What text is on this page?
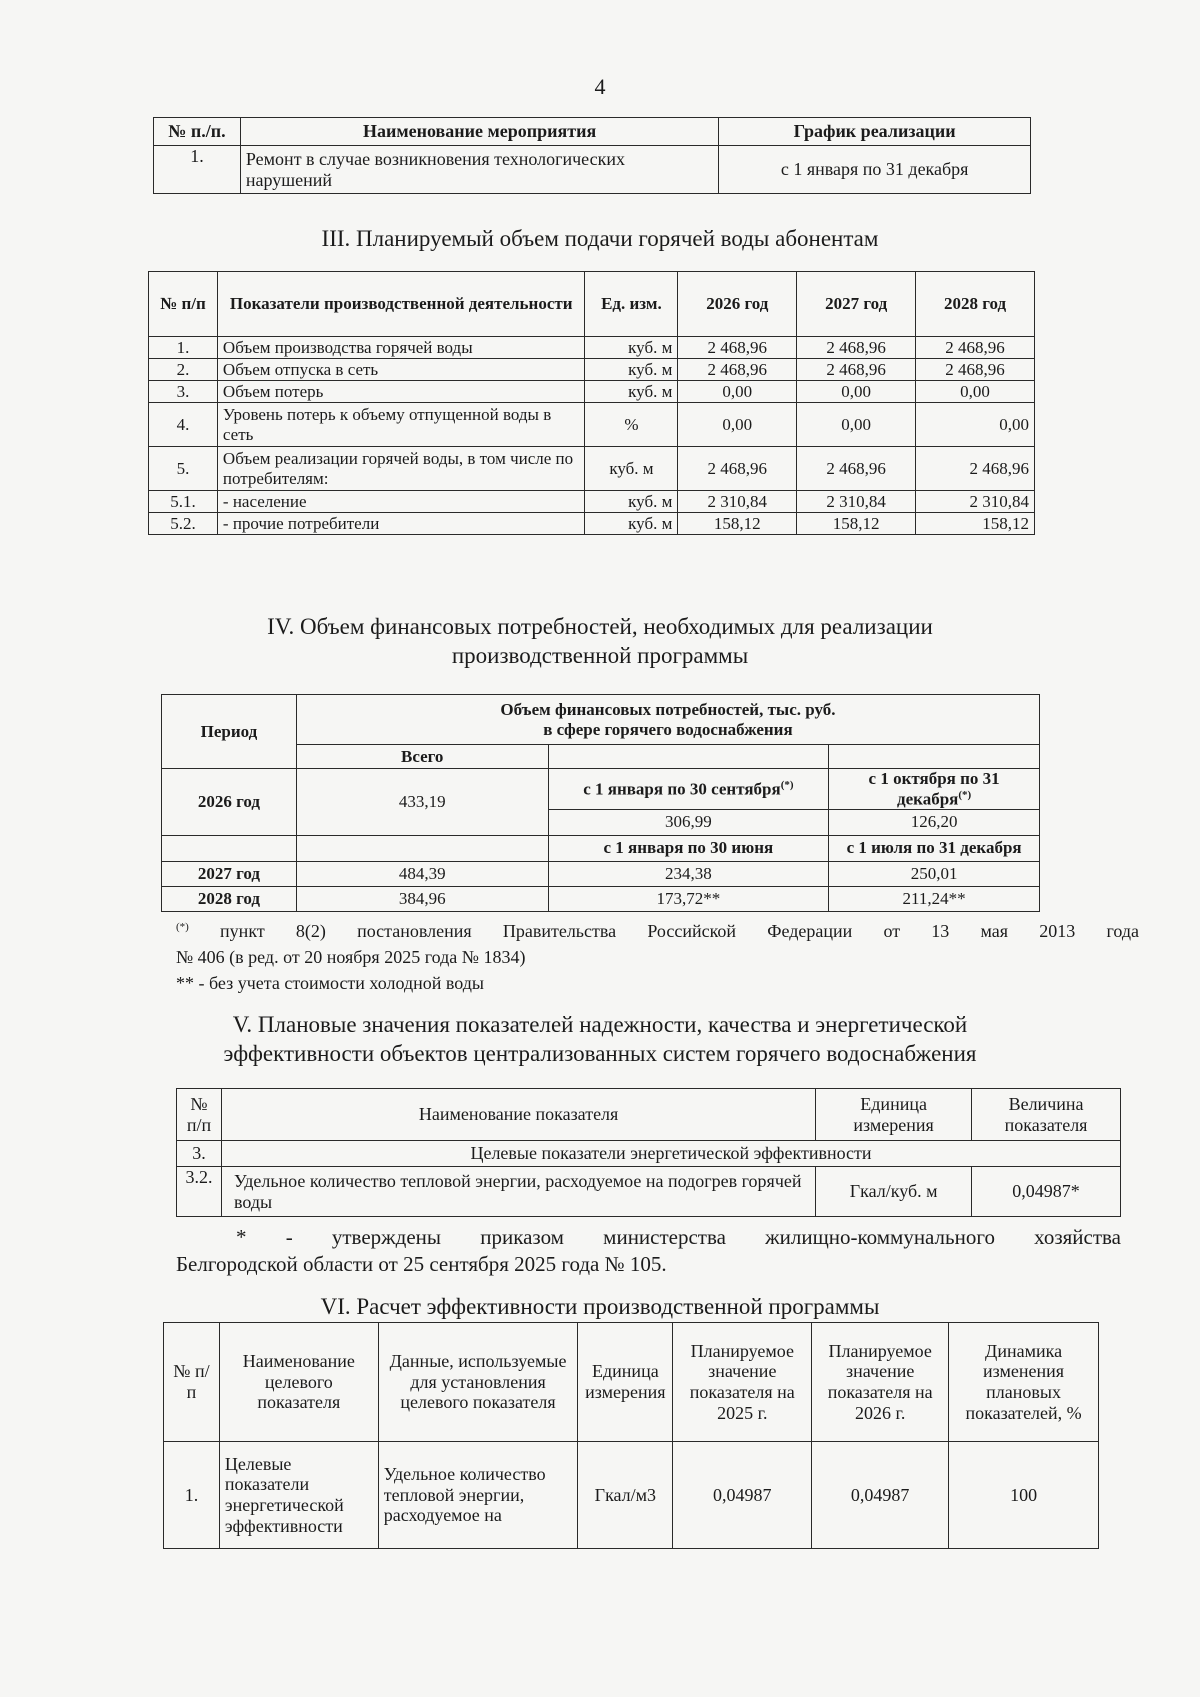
4
№ п./п.	Наименование мероприятия	График реализации
1.	Ремонт в случае возникновения технологических нарушений	с 1 января по 31 декабря
III. Планируемый объем подачи горячей воды абонентам
№ п/п	Показатели производственной деятельности	Ед. изм.	2026 год	2027 год	2028 год
1.	Объем производства горячей воды	куб. м	2 468,96	2 468,96	2 468,96
2.	Объем отпуска в сеть	куб. м	2 468,96	2 468,96	2 468,96
3.	Объем потерь	куб. м	0,00	0,00	0,00
4.	Уровень потерь к объему отпущенной воды в сеть	%	0,00	0,00	0,00
5.	Объем реализации горячей воды, в том числе по потребителям:	куб. м	2 468,96	2 468,96	2 468,96
5.1.	- население	куб. м	2 310,84	2 310,84	2 310,84
5.2.	- прочие потребители	куб. м	158,12	158,12	158,12
IV. Объем финансовых потребностей, необходимых для реализации
производственной программы
Период	Объем финансовых потребностей, тыс. руб.
в сфере горячего водоснабжения		

	Всего		
2026 год	433,19	с 1 января по 30 сентября(*)	с 1 октября по 31 декабря(*)
		306,99	126,20
		с 1 января по 30 июня	с 1 июля по 31 декабря
2027 год	484,39	234,38	250,01
2028 год	384,96	173,72**	211,24**
(*) пункт 8(2) постановления Правительства Российской Федерации от 13 мая 2013 года
№ 406 (в ред. от 20 ноября 2025 года № 1834)
** - без учета стоимости холодной воды
V. Плановые значения показателей надежности, качества и энергетической
эффективности объектов централизованных систем горячего водоснабжения
№ п/п	Наименование показателя	Единица измерения	Величина показателя
3.	Целевые показатели энергетической эффективности		
3.2.	Удельное количество тепловой энергии, расходуемое на подогрев горячей воды	Гкал/куб. м	0,04987*
* - утверждены приказом министерства жилищно-коммунального хозяйства
Белгородской области от 25 сентября 2025 года № 105.
VI. Расчет эффективности производственной программы
№ п/п	Наименование целевого показателя	Данные, используемые для установления целевого показателя	Единица измерения	Планируемое значение показателя на 2025 г.	Планируемое значение показателя на 2026 г.	Динамика изменения плановых показателей, %
1.	Целевые показатели энергетической эффективности	Удельное количество тепловой энергии, расходуемое на	Гкал/м3	0,04987	0,04987	100
